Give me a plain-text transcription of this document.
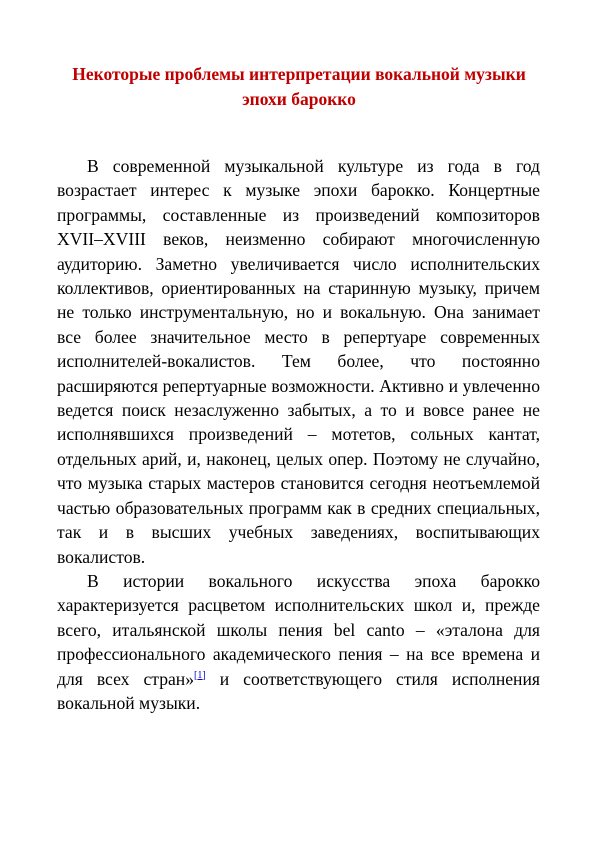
Некоторые проблемы интерпретации вокальной музыки эпохи барокко

В современной музыкальной культуре из года в год возрастает интерес к музыке эпохи барокко. Концертные программы, составленные из произведений композиторов XVII–XVIII веков, неизменно собирают многочисленную аудиторию. Заметно увеличивается число исполнительских коллективов, ориентированных на старинную музыку, причем не только инструментальную, но и вокальную. Она занимает все более значительное место в репертуаре современных исполнителей-вокалистов. Тем более, что постоянно расширяются репертуарные возможности. Активно и увлеченно ведется поиск незаслуженно забытых, а то и вовсе ранее не исполнявшихся произведений – мотетов, сольных кантат, отдельных арий, и, наконец, целых опер. Поэтому не случайно, что музыка старых мастеров становится сегодня неотъемлемой частью образовательных программ как в средних специальных, так и в высших учебных заведениях, воспитывающих вокалистов.

В истории вокального искусства эпоха барокко характеризуется расцветом исполнительских школ и, прежде всего, итальянской школы пения bel canto – «эталона для профессионального академического пения – на все времена и для всех стран»[1] и соответствующего стиля исполнения вокальной музыки.
